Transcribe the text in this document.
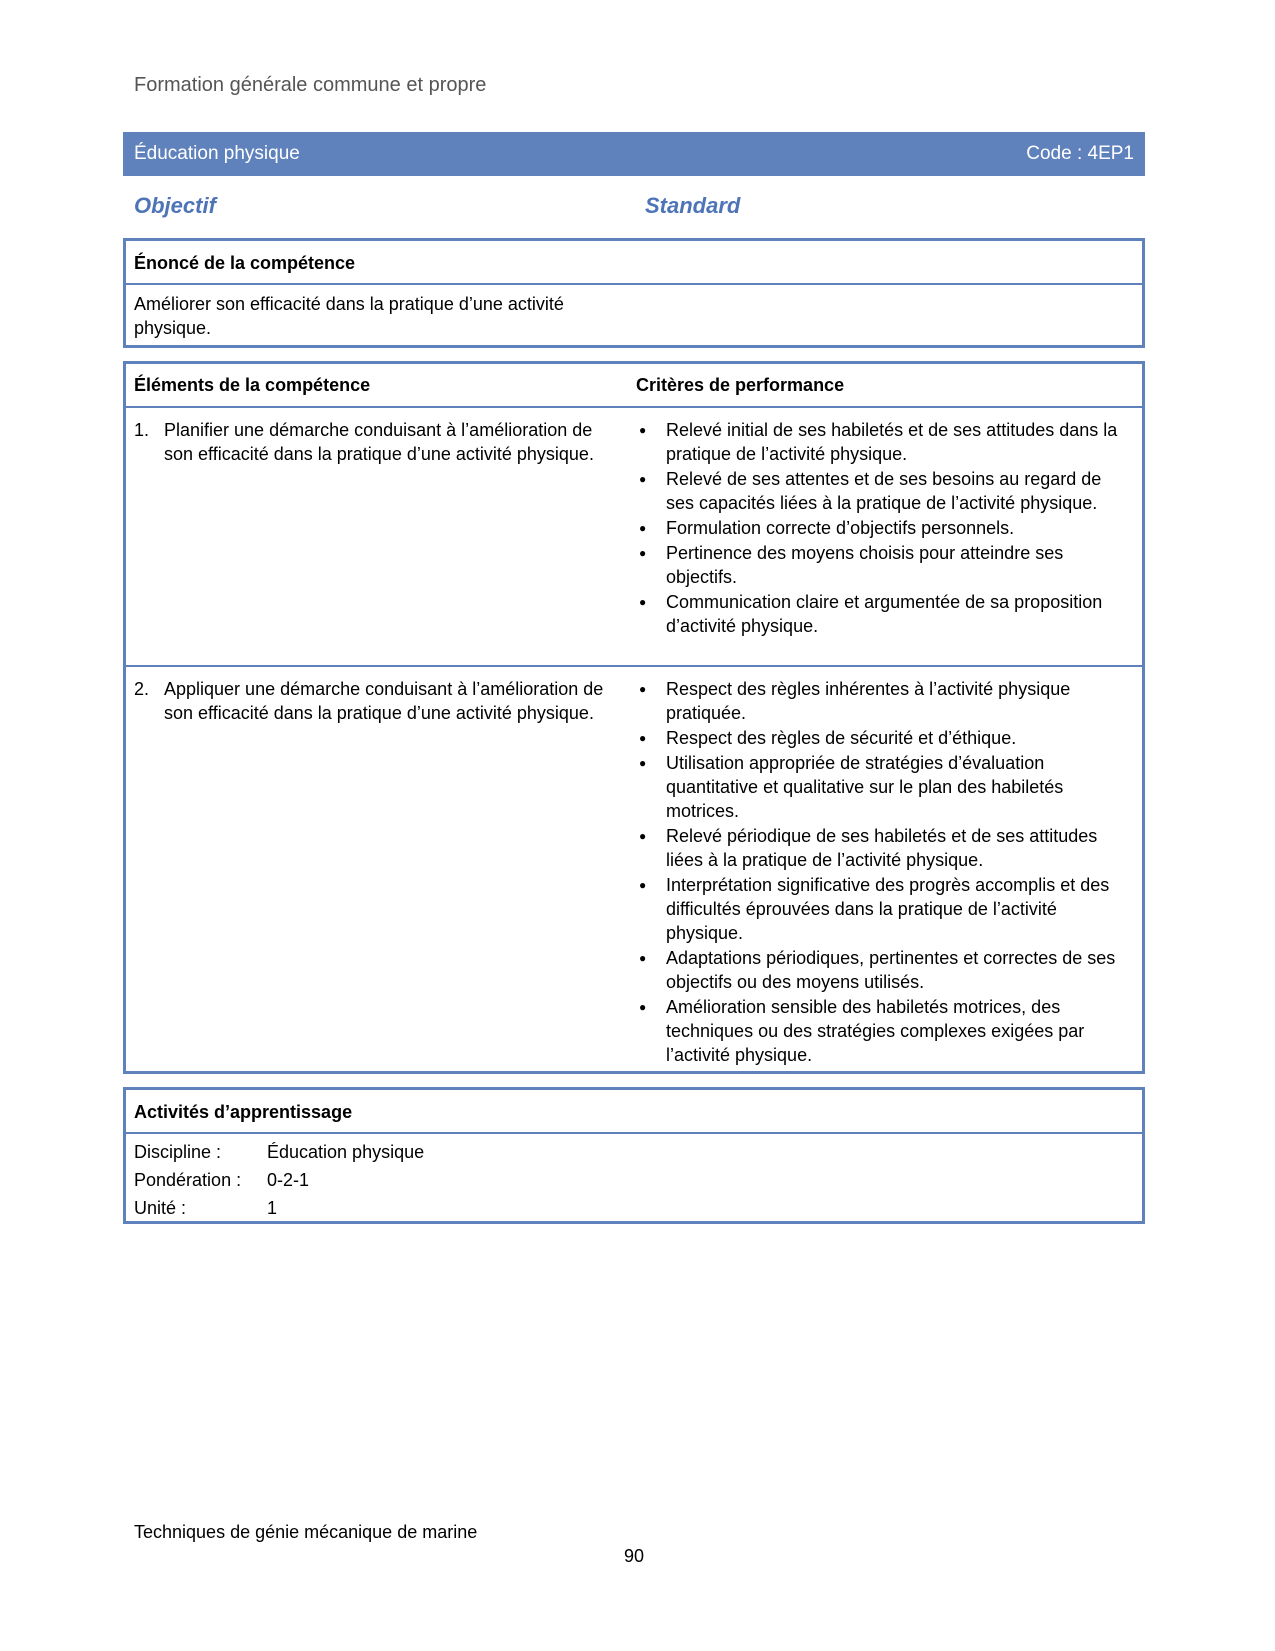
Formation générale commune et propre
Éducation physique	Code : 4EP1
Objectif	Standard
Énoncé de la compétence
Améliorer son efficacité dans la pratique d’une activité physique.
Éléments de la compétence	Critères de performance
1. Planifier une démarche conduisant à l’amélioration de son efficacité dans la pratique d’une activité physique.
●	Relevé initial de ses habiletés et de ses attitudes dans la pratique de l’activité physique.
●	Relevé de ses attentes et de ses besoins au regard de ses capacités liées à la pratique de l’activité physique.
●	Formulation correcte d’objectifs personnels.
●	Pertinence des moyens choisis pour atteindre ses objectifs.
●	Communication claire et argumentée de sa proposition d’activité physique.
2. Appliquer une démarche conduisant à l’amélioration de son efficacité dans la pratique d’une activité physique.
●	Respect des règles inhérentes à l’activité physique pratiquée.
●	Respect des règles de sécurité et d’éthique.
●	Utilisation appropriée de stratégies d’évaluation quantitative et qualitative sur le plan des habiletés motrices.
●	Relevé périodique de ses habiletés et de ses attitudes liées à la pratique de l’activité physique.
●	Interprétation significative des progrès accomplis et des difficultés éprouvées dans la pratique de l’activité physique.
●	Adaptations périodiques, pertinentes et correctes de ses objectifs ou des moyens utilisés.
●	Amélioration sensible des habiletés motrices, des techniques ou des stratégies complexes exigées par l’activité physique.
Activités d’apprentissage
Discipline :	Éducation physique
Pondération :	0-2-1
Unité :	1
Techniques de génie mécanique de marine
90
